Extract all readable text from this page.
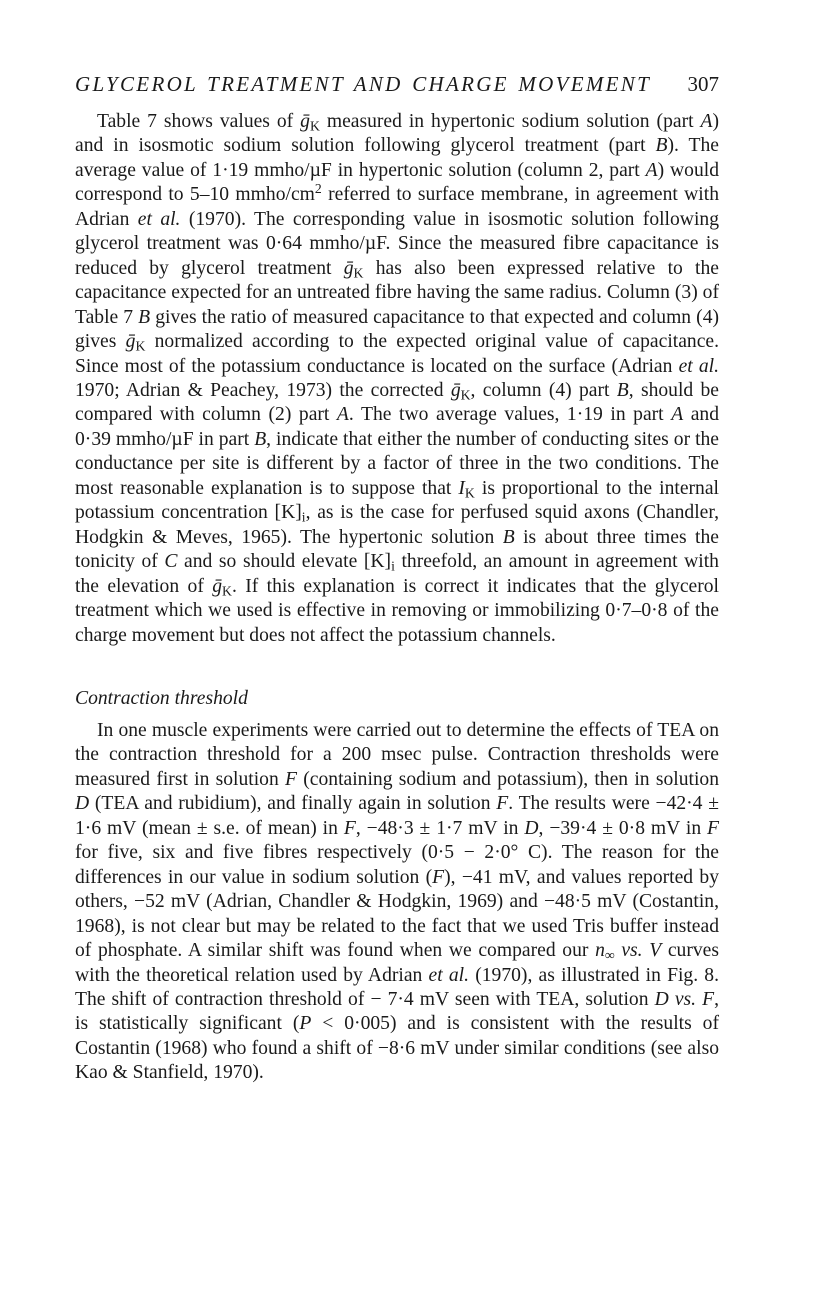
GLYCEROL TREATMENT AND CHARGE MOVEMENT 307

Table 7 shows values of ḡ$_K$ measured in hypertonic sodium solution (part A) and in isosmotic sodium solution following glycerol treatment (part B). The average value of 1·19 mmho/µF in hypertonic solution (column 2, part A) would correspond to 5–10 mmho/$cm^2$ referred to surface membrane, in agreement with Adrian et al. (1970). The corresponding value in isosmotic solution following glycerol treatment was 0·64 mmho/µF. Since the measured fibre capacitance is reduced by glycerol treatment ḡ$_K$ has also been expressed relative to the capacitance expected for an untreated fibre having the same radius. Column (3) of Table 7 B gives the ratio of measured capacitance to that expected and column (4) gives ḡ$_K$ normalized according to the expected original value of capacitance. Since most of the potassium conductance is located on the surface (Adrian et al. 1970; Adrian & Peachey, 1973) the corrected ḡ$_K$, column (4) part B, should be compared with column (2) part A. The two average values, 1·19 in part A and 0·39 mmho/µF in part B, indicate that either the number of conducting sites or the conductance per site is different by a factor of three in the two conditions. The most reasonable explanation is to suppose that $I_K$ is proportional to the internal potassium concentration $[K]_i$, as is the case for perfused squid axons (Chandler, Hodgkin & Meves, 1965). The hypertonic solution B is about three times the tonicity of C and so should elevate $[K]_i$ threefold, an amount in agreement with the elevation of ḡ$_K$. If this explanation is correct it indicates that the glycerol treatment which we used is effective in removing or immobilizing 0·7–0·8 of the charge movement but does not affect the potassium channels.

Contraction threshold

In one muscle experiments were carried out to determine the effects of TEA on the contraction threshold for a 200 msec pulse. Contraction thresholds were measured first in solution F (containing sodium and potassium), then in solution D (TEA and rubidium), and finally again in solution F. The results were −42·4 ± 1·6 mV (mean ± s.e. of mean) in F, −48·3 ± 1·7 mV in D, −39·4 ± 0·8 mV in F for five, six and five fibres respectively (0·5 − 2·0° C). The reason for the differences in our value in sodium solution (F), −41 mV, and values reported by others, −52 mV (Adrian, Chandler & Hodgkin, 1969) and −48·5 mV (Costantin, 1968), is not clear but may be related to the fact that we used Tris buffer instead of phosphate. A similar shift was found when we compared our $n_\infty$ vs. V curves with the theoretical relation used by Adrian et al. (1970), as illustrated in Fig. 8. The shift of contraction threshold of − 7·4 mV seen with TEA, solution D vs. F, is statistically significant (P < 0·005) and is consistent with the results of Costantin (1968) who found a shift of −8·6 mV under similar conditions (see also Kao & Stanfield, 1970).
